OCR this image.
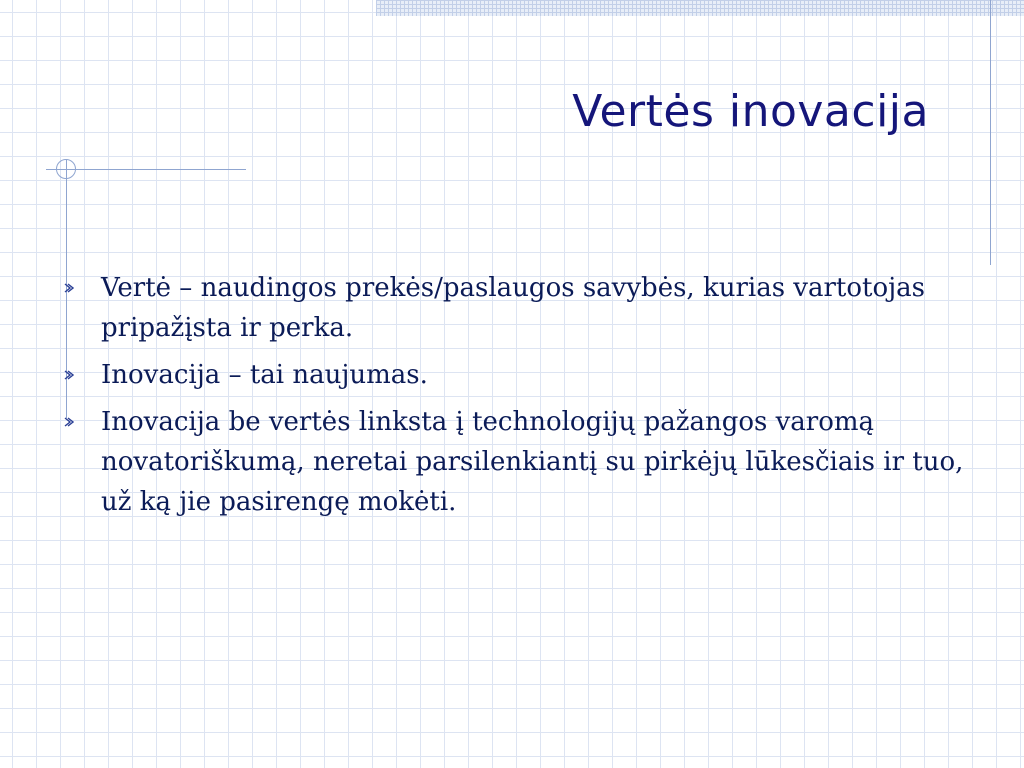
Vertės inovacija
Vertė – naudingos prekės/paslaugos savybės, kurias vartotojas pripažįsta ir perka.
Inovacija – tai naujumas.
Inovacija be vertės linksta į technologijų pažangos varomą novatoriškumą, neretai parsilenkiantį su pirkėjų lūkesčiais ir tuo, už ką jie pasirengę mokėti.
